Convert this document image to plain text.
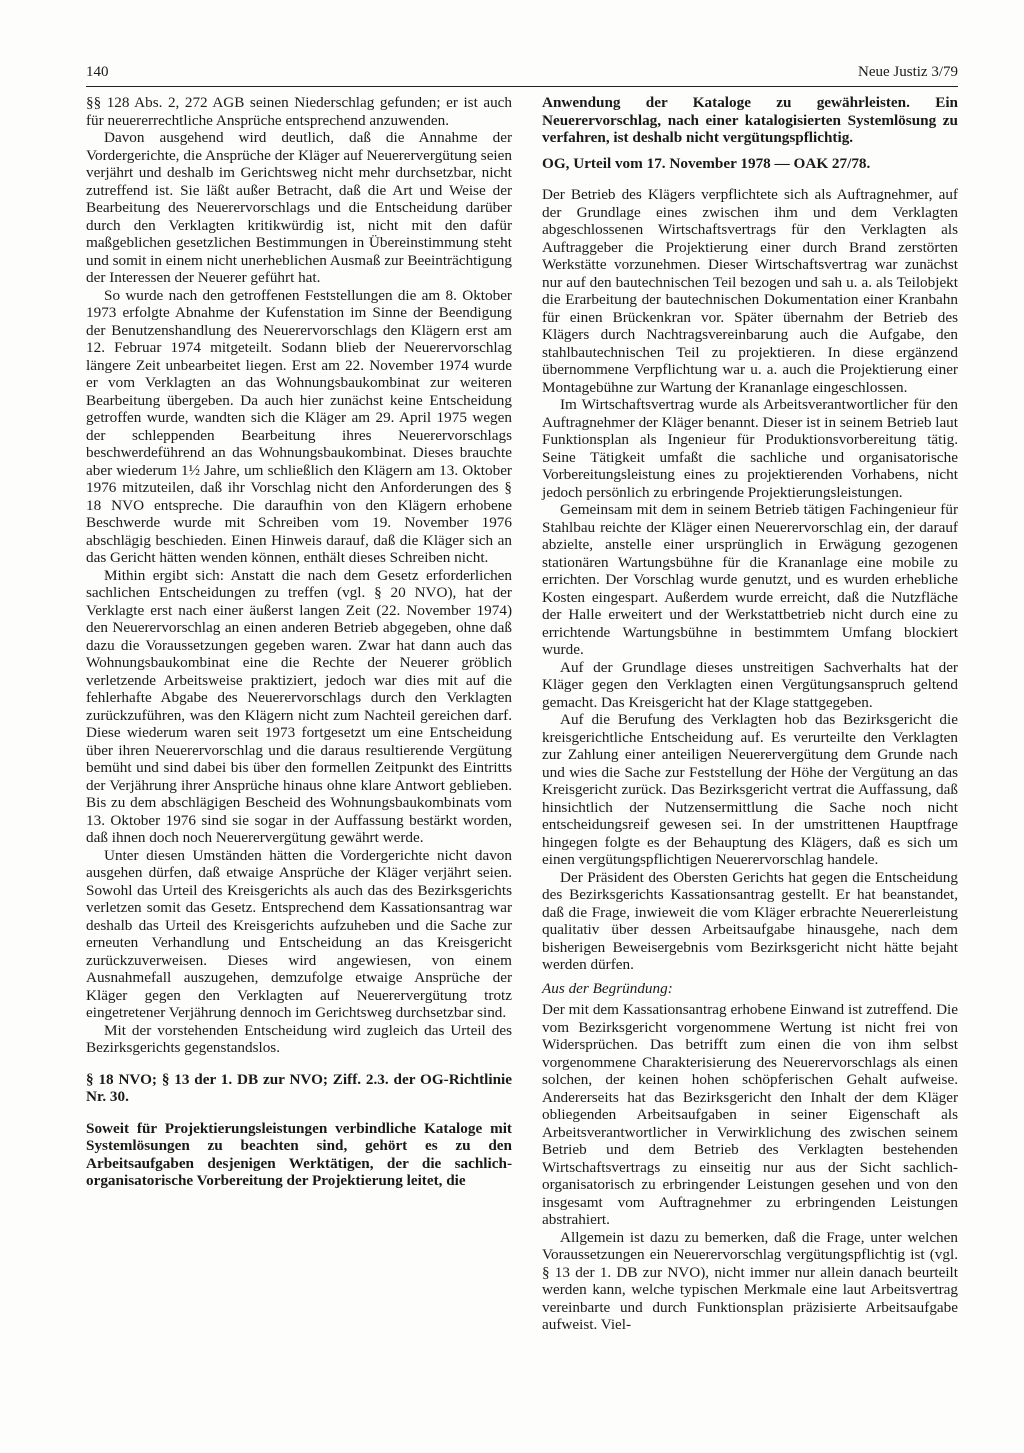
140	Neue Justiz 3/79

§§ 128 Abs. 2, 272 AGB seinen Niederschlag gefunden; er ist auch für neuererrechtliche Ansprüche entsprechend anzuwenden.

Davon ausgehend wird deutlich, daß die Annahme der Vordergerichte, die Ansprüche der Kläger auf Neuerervergütung seien verjährt und deshalb im Gerichtsweg nicht mehr durchsetzbar, nicht zutreffend ist. Sie läßt außer Betracht, daß die Art und Weise der Bearbeitung des Neuerervorschlags und die Entscheidung darüber durch den Verklagten kritikwürdig ist, nicht mit den dafür maßgeblichen gesetzlichen Bestimmungen in Übereinstimmung steht und somit in einem nicht unerheblichen Ausmaß zur Beeinträchtigung der Interessen der Neuerer geführt hat.

So wurde nach den getroffenen Feststellungen die am 8. Oktober 1973 erfolgte Abnahme der Kufenstation im Sinne der Beendigung der Benutzenshandlung des Neuerervorschlags den Klägern erst am 12. Februar 1974 mitgeteilt. Sodann blieb der Neuerervorschlag längere Zeit unbearbeitet liegen. Erst am 22. November 1974 wurde er vom Verklagten an das Wohnungsbaukombinat zur weiteren Bearbeitung übergeben. Da auch hier zunächst keine Entscheidung getroffen wurde, wandten sich die Kläger am 29. April 1975 wegen der schleppenden Bearbeitung ihres Neuerervorschlags beschwerdeführend an das Wohnungsbaukombinat. Dieses brauchte aber wiederum 1½ Jahre, um schließlich den Klägern am 13. Oktober 1976 mitzuteilen, daß ihr Vorschlag nicht den Anforderungen des § 18 NVO entspreche. Die daraufhin von den Klägern erhobene Beschwerde wurde mit Schreiben vom 19. November 1976 abschlägig beschieden. Einen Hinweis darauf, daß die Kläger sich an das Gericht hätten wenden können, enthält dieses Schreiben nicht.

Mithin ergibt sich: Anstatt die nach dem Gesetz erforderlichen sachlichen Entscheidungen zu treffen (vgl. § 20 NVO), hat der Verklagte erst nach einer äußerst langen Zeit (22. November 1974) den Neuerervorschlag an einen anderen Betrieb abgegeben, ohne daß dazu die Voraussetzungen gegeben waren. Zwar hat dann auch das Wohnungsbaukombinat eine die Rechte der Neuerer gröblich verletzende Arbeitsweise praktiziert, jedoch war dies mit auf die fehlerhafte Abgabe des Neuerervorschlags durch den Verklagten zurückzuführen, was den Klägern nicht zum Nachteil gereichen darf. Diese wiederum waren seit 1973 fortgesetzt um eine Entscheidung über ihren Neuerervorschlag und die daraus resultierende Vergütung bemüht und sind dabei bis über den formellen Zeitpunkt des Eintritts der Verjährung ihrer Ansprüche hinaus ohne klare Antwort geblieben. Bis zu dem abschlägigen Bescheid des Wohnungsbaukombinats vom 13. Oktober 1976 sind sie sogar in der Auffassung bestärkt worden, daß ihnen doch noch Neuerervergütung gewährt werde.

Unter diesen Umständen hätten die Vordergerichte nicht davon ausgehen dürfen, daß etwaige Ansprüche der Kläger verjährt seien. Sowohl das Urteil des Kreisgerichts als auch das des Bezirksgerichts verletzen somit das Gesetz. Entsprechend dem Kassationsantrag war deshalb das Urteil des Kreisgerichts aufzuheben und die Sache zur erneuten Verhandlung und Entscheidung an das Kreisgericht zurückzuverweisen. Dieses wird angewiesen, von einem Ausnahmefall auszugehen, demzufolge etwaige Ansprüche der Kläger gegen den Verklagten auf Neuerervergütung trotz eingetretener Verjährung dennoch im Gerichtsweg durchsetzbar sind.

Mit der vorstehenden Entscheidung wird zugleich das Urteil des Bezirksgerichts gegenstandslos.

§ 18 NVO; § 13 der 1. DB zur NVO; Ziff. 2.3. der OG-Richtlinie Nr. 30.

Soweit für Projektierungsleistungen verbindliche Kataloge mit Systemlösungen zu beachten sind, gehört es zu den Arbeitsaufgaben desjenigen Werktätigen, der die sachlich-organisatorische Vorbereitung der Projektierung leitet, die

Anwendung der Kataloge zu gewährleisten. Ein Neuerervorschlag, nach einer katalogisierten Systemlösung zu verfahren, ist deshalb nicht vergütungspflichtig.

OG, Urteil vom 17. November 1978 — OAK 27/78.

Der Betrieb des Klägers verpflichtete sich als Auftragnehmer, auf der Grundlage eines zwischen ihm und dem Verklagten abgeschlossenen Wirtschaftsvertrags für den Verklagten als Auftraggeber die Projektierung einer durch Brand zerstörten Werkstätte vorzunehmen. Dieser Wirtschaftsvertrag war zunächst nur auf den bautechnischen Teil bezogen und sah u. a. als Teilobjekt die Erarbeitung der bautechnischen Dokumentation einer Kranbahn für einen Brückenkran vor. Später übernahm der Betrieb des Klägers durch Nachtragsvereinbarung auch die Aufgabe, den stahlbautechnischen Teil zu projektieren. In diese ergänzend übernommene Verpflichtung war u. a. auch die Projektierung einer Montagebühne zur Wartung der Krananlage eingeschlossen.

Im Wirtschaftsvertrag wurde als Arbeitsverantwortlicher für den Auftragnehmer der Kläger benannt. Dieser ist in seinem Betrieb laut Funktionsplan als Ingenieur für Produktionsvorbereitung tätig. Seine Tätigkeit umfaßt die sachliche und organisatorische Vorbereitungsleistung eines zu projektierenden Vorhabens, nicht jedoch persönlich zu erbringende Projektierungsleistungen.

Gemeinsam mit dem in seinem Betrieb tätigen Fachingenieur für Stahlbau reichte der Kläger einen Neuerervorschlag ein, der darauf abzielte, anstelle einer ursprünglich in Erwägung gezogenen stationären Wartungsbühne für die Krananlage eine mobile zu errichten. Der Vorschlag wurde genutzt, und es wurden erhebliche Kosten eingespart. Außerdem wurde erreicht, daß die Nutzfläche der Halle erweitert und der Werkstattbetrieb nicht durch eine zu errichtende Wartungsbühne in bestimmtem Umfang blockiert wurde.

Auf der Grundlage dieses unstreitigen Sachverhalts hat der Kläger gegen den Verklagten einen Vergütungsanspruch geltend gemacht. Das Kreisgericht hat der Klage stattgegeben.

Auf die Berufung des Verklagten hob das Bezirksgericht die kreisgerichtliche Entscheidung auf. Es verurteilte den Verklagten zur Zahlung einer anteiligen Neuerervergütung dem Grunde nach und wies die Sache zur Feststellung der Höhe der Vergütung an das Kreisgericht zurück. Das Bezirksgericht vertrat die Auffassung, daß hinsichtlich der Nutzensermittlung die Sache noch nicht entscheidungsreif gewesen sei. In der umstrittenen Hauptfrage hingegen folgte es der Behauptung des Klägers, daß es sich um einen vergütungspflichtigen Neuerervorschlag handele.

Der Präsident des Obersten Gerichts hat gegen die Entscheidung des Bezirksgerichts Kassationsantrag gestellt. Er hat beanstandet, daß die Frage, inwieweit die vom Kläger erbrachte Neuererleistung qualitativ über dessen Arbeitsaufgabe hinausgehe, nach dem bisherigen Beweisergebnis vom Bezirksgericht nicht hätte bejaht werden dürfen.

Aus der Begründung:

Der mit dem Kassationsantrag erhobene Einwand ist zutreffend. Die vom Bezirksgericht vorgenommene Wertung ist nicht frei von Widersprüchen. Das betrifft zum einen die von ihm selbst vorgenommene Charakterisierung des Neuerervorschlags als einen solchen, der keinen hohen schöpferischen Gehalt aufweise. Andererseits hat das Bezirksgericht den Inhalt der dem Kläger obliegenden Arbeitsaufgaben in seiner Eigenschaft als Arbeitsverantwortlicher in Verwirklichung des zwischen seinem Betrieb und dem Betrieb des Verklagten bestehenden Wirtschaftsvertrags zu einseitig nur aus der Sicht sachlich-organisatorisch zu erbringender Leistungen gesehen und von den insgesamt vom Auftragnehmer zu erbringenden Leistungen abstrahiert.

Allgemein ist dazu zu bemerken, daß die Frage, unter welchen Voraussetzungen ein Neuerervorschlag vergütungspflichtig ist (vgl. § 13 der 1. DB zur NVO), nicht immer nur allein danach beurteilt werden kann, welche typischen Merkmale eine laut Arbeitsvertrag vereinbarte und durch Funktionsplan präzisierte Arbeitsaufgabe aufweist. Viel-
